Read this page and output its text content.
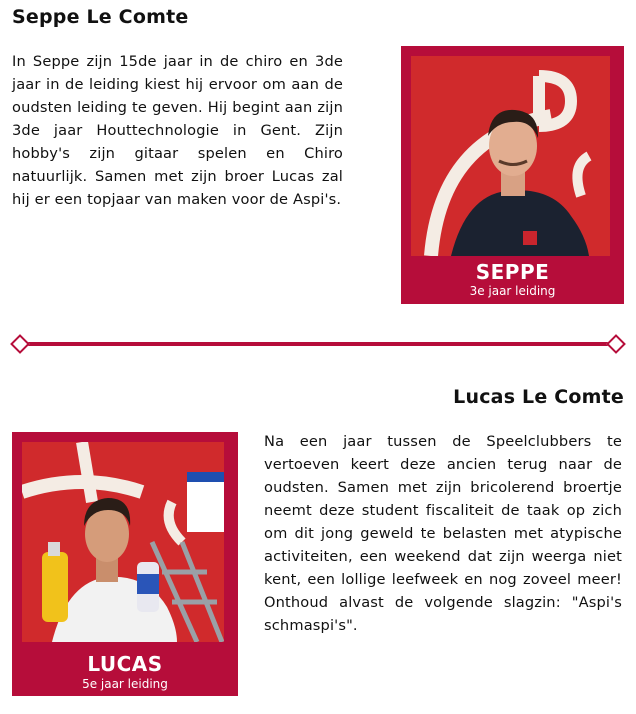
Seppe Le Comte

In Seppe zijn 15de jaar in de chiro en 3de jaar in de leiding kiest hij ervoor om aan de oudsten leiding te geven. Hij begint aan zijn 3de jaar Houttechnologie in Gent. Zijn hobby's zijn gitaar spelen en Chiro natuurlijk. Samen met zijn broer Lucas zal hij er een topjaar van maken voor de Aspi's.

SEPPE
3e jaar leiding
Lucas Le Comte

Na een jaar tussen de Speelclubbers te vertoeven keert deze ancien terug naar de oudsten. Samen met zijn bricolerend broertje neemt deze student fiscaliteit de taak op zich om dit jong geweld te belasten met atypische activiteiten, een weekend dat zijn weerga niet kent, een lollige leefweek en nog zoveel meer! Onthoud alvast de volgende slagzin: "Aspi's schmaspi's".

LUCAS
5e jaar leiding
